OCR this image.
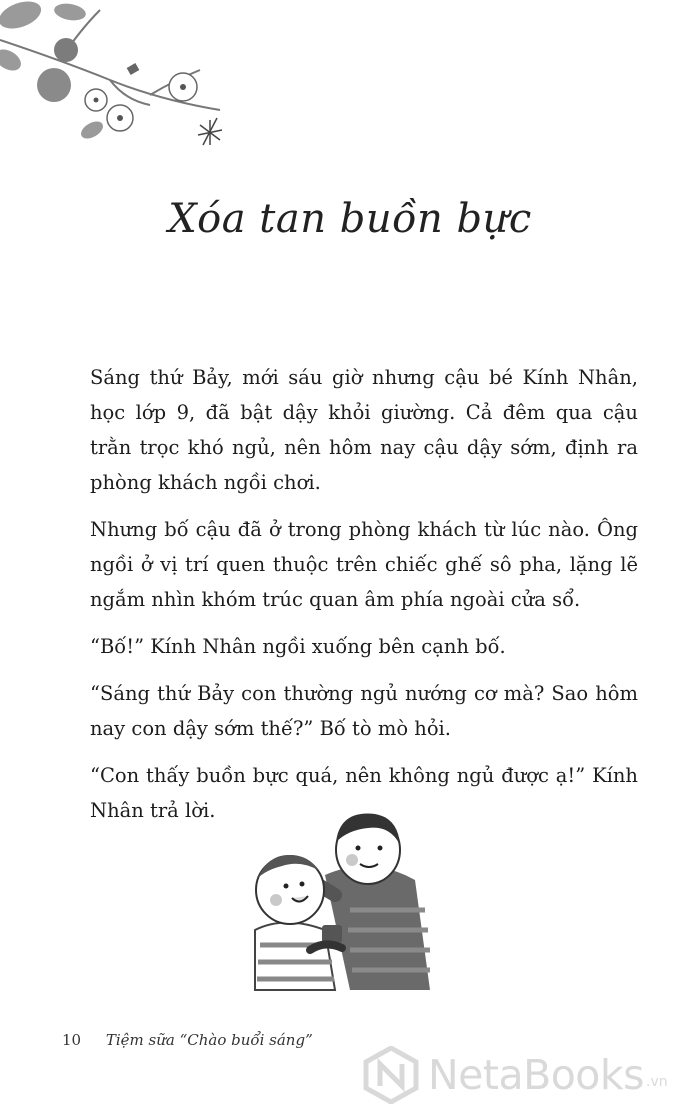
Xóa tan buồn bực

Sáng thứ Bảy, mới sáu giờ nhưng cậu bé Kính Nhân, học lớp 9, đã bật dậy khỏi giường. Cả đêm qua cậu trằn trọc khó ngủ, nên hôm nay cậu dậy sớm, định ra phòng khách ngồi chơi.

Nhưng bố cậu đã ở trong phòng khách từ lúc nào. Ông ngồi ở vị trí quen thuộc trên chiếc ghế sô pha, lặng lẽ ngắm nhìn khóm trúc quan âm phía ngoài cửa sổ.

“Bố!” Kính Nhân ngồi xuống bên cạnh bố.

“Sáng thứ Bảy con thường ngủ nướng cơ mà? Sao hôm nay con dậy sớm thế?” Bố tò mò hỏi.

“Con thấy buồn bực quá, nên không ngủ được ạ!” Kính Nhân trả lời.

10 Tiệm sữa “Chào buổi sáng”
NetaBooks .vn
